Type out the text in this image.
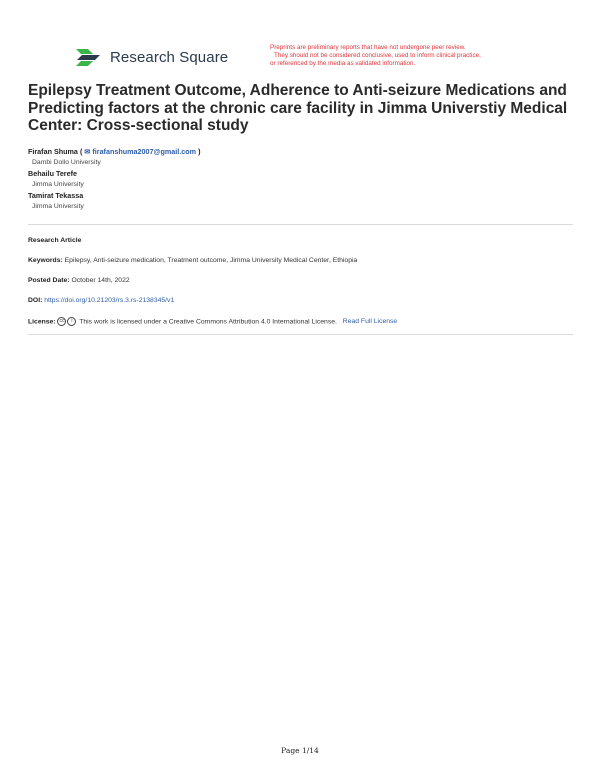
Research Square
Preprints are preliminary reports that have not undergone peer review.
They should not be considered conclusive, used to inform clinical practice,
or referenced by the media as validated information.
Epilepsy Treatment Outcome, Adherence to Anti-seizure Medications and Predicting factors at the chronic care facility in Jimma Universtiy Medical Center: Cross-sectional study
Firafan Shuma ( ✉ firafanshuma2007@gmail.com )
Dambi Dollo University
Behailu Terefe
Jimma University
Tamirat Tekassa
Jimma University
Research Article
Keywords: Epilepsy, Anti-seizure medication, Treatment outcome, Jimma University Medical Center, Ethiopia
Posted Date: October 14th, 2022
DOI: https://doi.org/10.21203/rs.3.rs-2138345/v1
License: cc i This work is licensed under a Creative Commons Attribution 4.0 International License. Read Full License
Page 1/14
